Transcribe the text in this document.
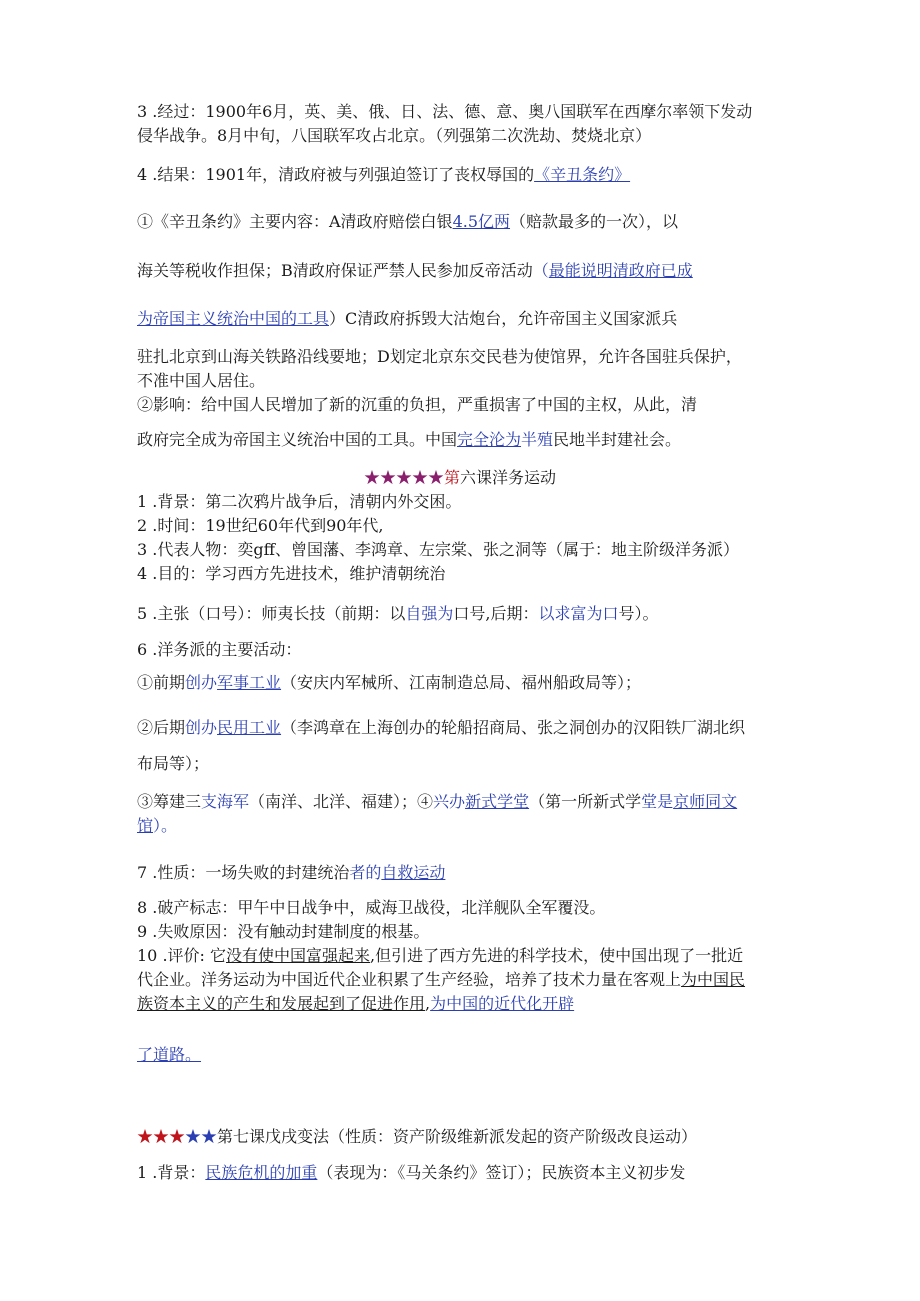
3 .经过：1900年6月，英、美、俄、日、法、德、意、奥八国联军在西摩尔率领下发动
侵华战争。8月中旬，八国联军攻占北京。（列强第二次洗劫、焚烧北京）
4 .结果：1901年，清政府被与列强迫签订了丧权辱国的《辛丑条约》
①《辛丑条约》主要内容：A清政府赔偿白银4.5亿两（赔款最多的一次），以
海关等税收作担保；B清政府保证严禁人民参加反帝活动（最能说明清政府已成
为帝国主义统治中国的工具）C清政府拆毁大沽炮台，允许帝国主义国家派兵
驻扎北京到山海关铁路沿线要地；D划定北京东交民巷为使馆界，允许各国驻兵保护，
不准中国人居住。
②影响：给中国人民增加了新的沉重的负担，严重损害了中国的主权，从此，清
政府完全成为帝国主义统治中国的工具。中国完全沦为半殖民地半封建社会。
★★★★★第六课洋务运动
1 .背景：第二次鸦片战争后，清朝内外交困。
2 .时间：19世纪60年代到90年代,
3 .代表人物：奕gff、曾国藩、李鸿章、左宗棠、张之洞等（属于：地主阶级洋务派）
4 .目的：学习西方先进技术，维护清朝统治
5 .主张（口号）：师夷长技（前期：以自强为口号,后期：以求富为口号）。
6 .洋务派的主要活动：
①前期创办军事工业（安庆内军械所、江南制造总局、福州船政局等）；
②后期创办民用工业（李鸿章在上海创办的轮船招商局、张之洞创办的汉阳铁厂湖北织
布局等）；
③筹建三支海军（南洋、北洋、福建）；④兴办新式学堂（第一所新式学堂是京师同文
馆）。
7 .性质：一场失败的封建统治者的自救运动
8 .破产标志：甲午中日战争中，威海卫战役，北洋舰队全军覆没。
9 .失败原因：没有触动封建制度的根基。
10 .评价: 它没有使中国富强起来,但引进了西方先进的科学技术，使中国出现了一批近
代企业。洋务运动为中国近代企业积累了生产经验，培养了技术力量在客观上为中国民
族资本主义的产生和发展起到了促进作用,为中国的近代化开辟
了道路。
★★★★★第七课戊戌变法（性质：资产阶级维新派发起的资产阶级改良运动）
1 .背景：民族危机的加重（表现为：《马关条约》签订）；民族资本主义初步发
